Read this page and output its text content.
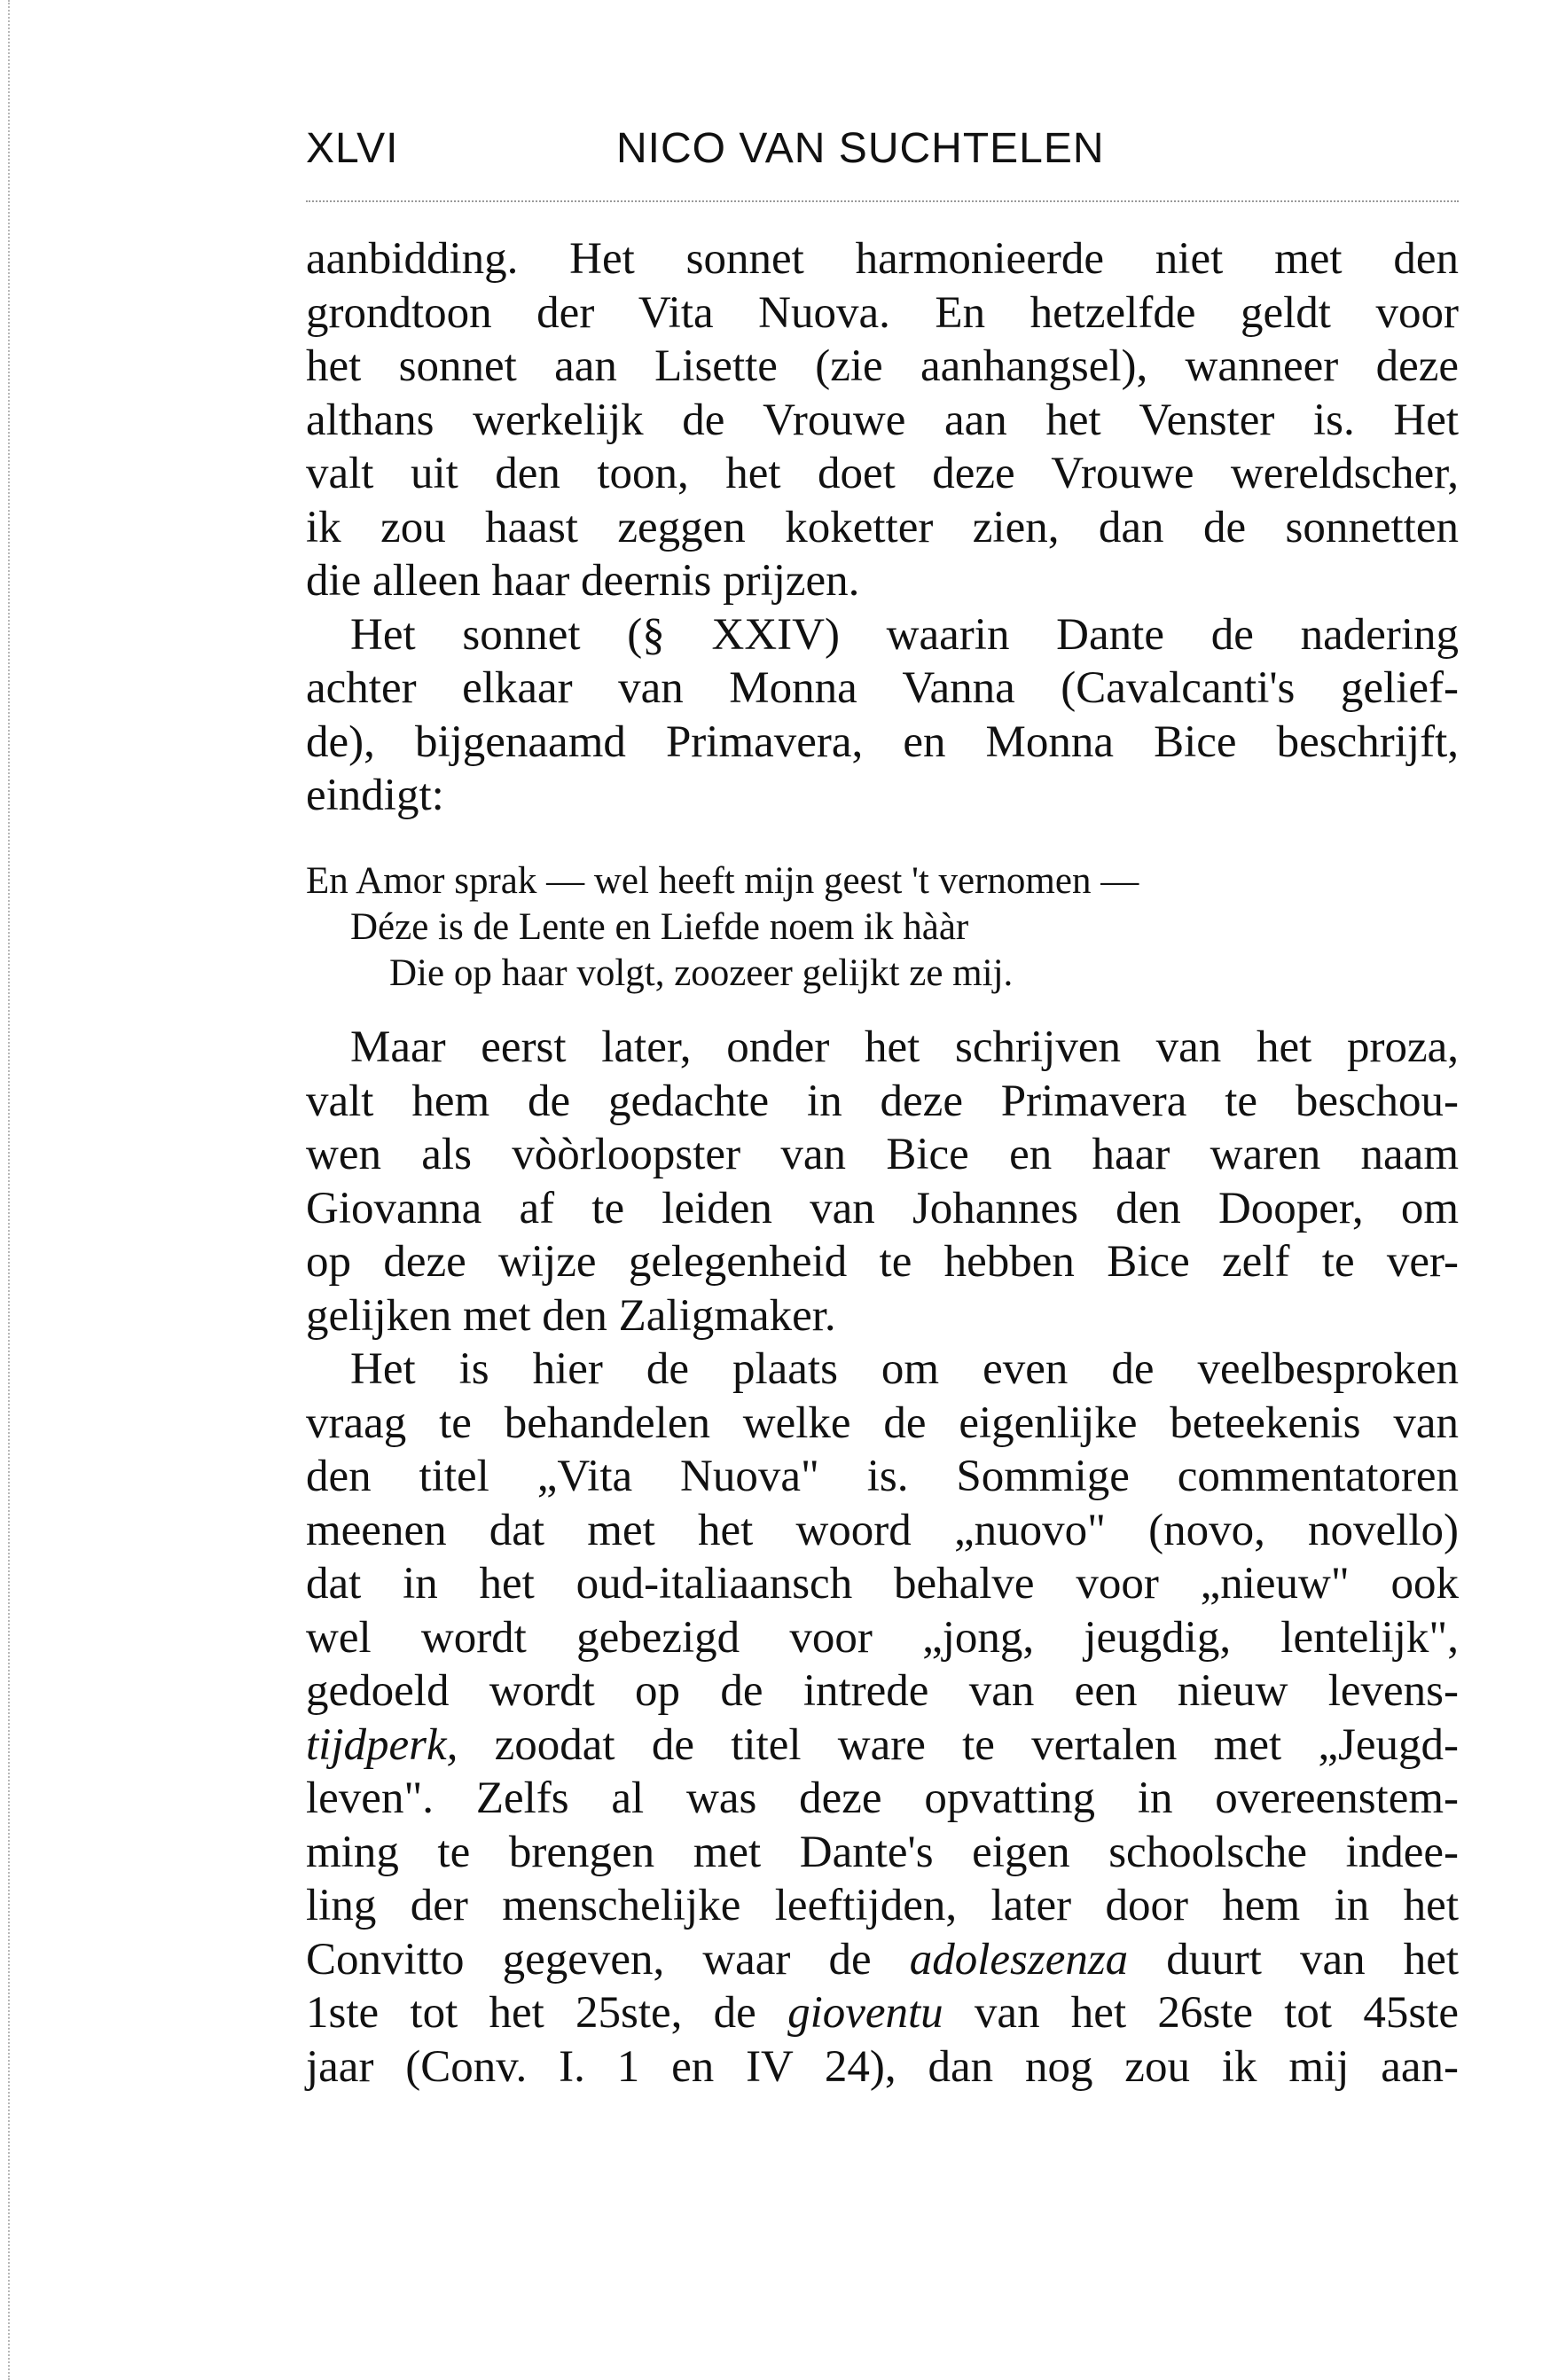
XLVI	NICO VAN SUCHTELEN
aanbidding. Het sonnet harmonieerde niet met den
grondtoon der Vita Nuova. En hetzelfde geldt voor
het sonnet aan Lisette (zie aanhangsel), wanneer deze
althans werkelijk de Vrouwe aan het Venster is. Het
valt uit den toon, het doet deze Vrouwe wereldscher,
ik zou haast zeggen koketter zien, dan de sonnetten
die alleen haar deernis prijzen.
Het sonnet (§ XXIV) waarin Dante de nadering
achter elkaar van Monna Vanna (Cavalcanti's gelief-
de), bijgenaamd Primavera, en Monna Bice beschrijft,
eindigt:
En Amor sprak — wel heeft mijn geest 't vernomen —
Déze is de Lente en Liefde noem ik hààr
Die op haar volgt, zoozeer gelijkt ze mij.
Maar eerst later, onder het schrijven van het proza,
valt hem de gedachte in deze Primavera te beschou-
wen als vòòrloopster van Bice en haar waren naam
Giovanna af te leiden van Johannes den Dooper, om
op deze wijze gelegenheid te hebben Bice zelf te ver-
gelijken met den Zaligmaker.
Het is hier de plaats om even de veelbesproken
vraag te behandelen welke de eigenlijke beteekenis van
den titel „Vita Nuova" is. Sommige commentatoren
meenen dat met het woord „nuovo" (novo, novello)
dat in het oud-italiaansch behalve voor „nieuw" ook
wel wordt gebezigd voor „jong, jeugdig, lentelijk",
gedoeld wordt op de intrede van een nieuw levens-
tijdperk, zoodat de titel ware te vertalen met „Jeugd-
leven". Zelfs al was deze opvatting in overeenstem-
ming te brengen met Dante's eigen schoolsche indee-
ling der menschelijke leeftijden, later door hem in het
Convitto gegeven, waar de adoleszenza duurt van het
1ste tot het 25ste, de gioventu van het 26ste tot 45ste
jaar (Conv. I. 1 en IV 24), dan nog zou ik mij aan-
